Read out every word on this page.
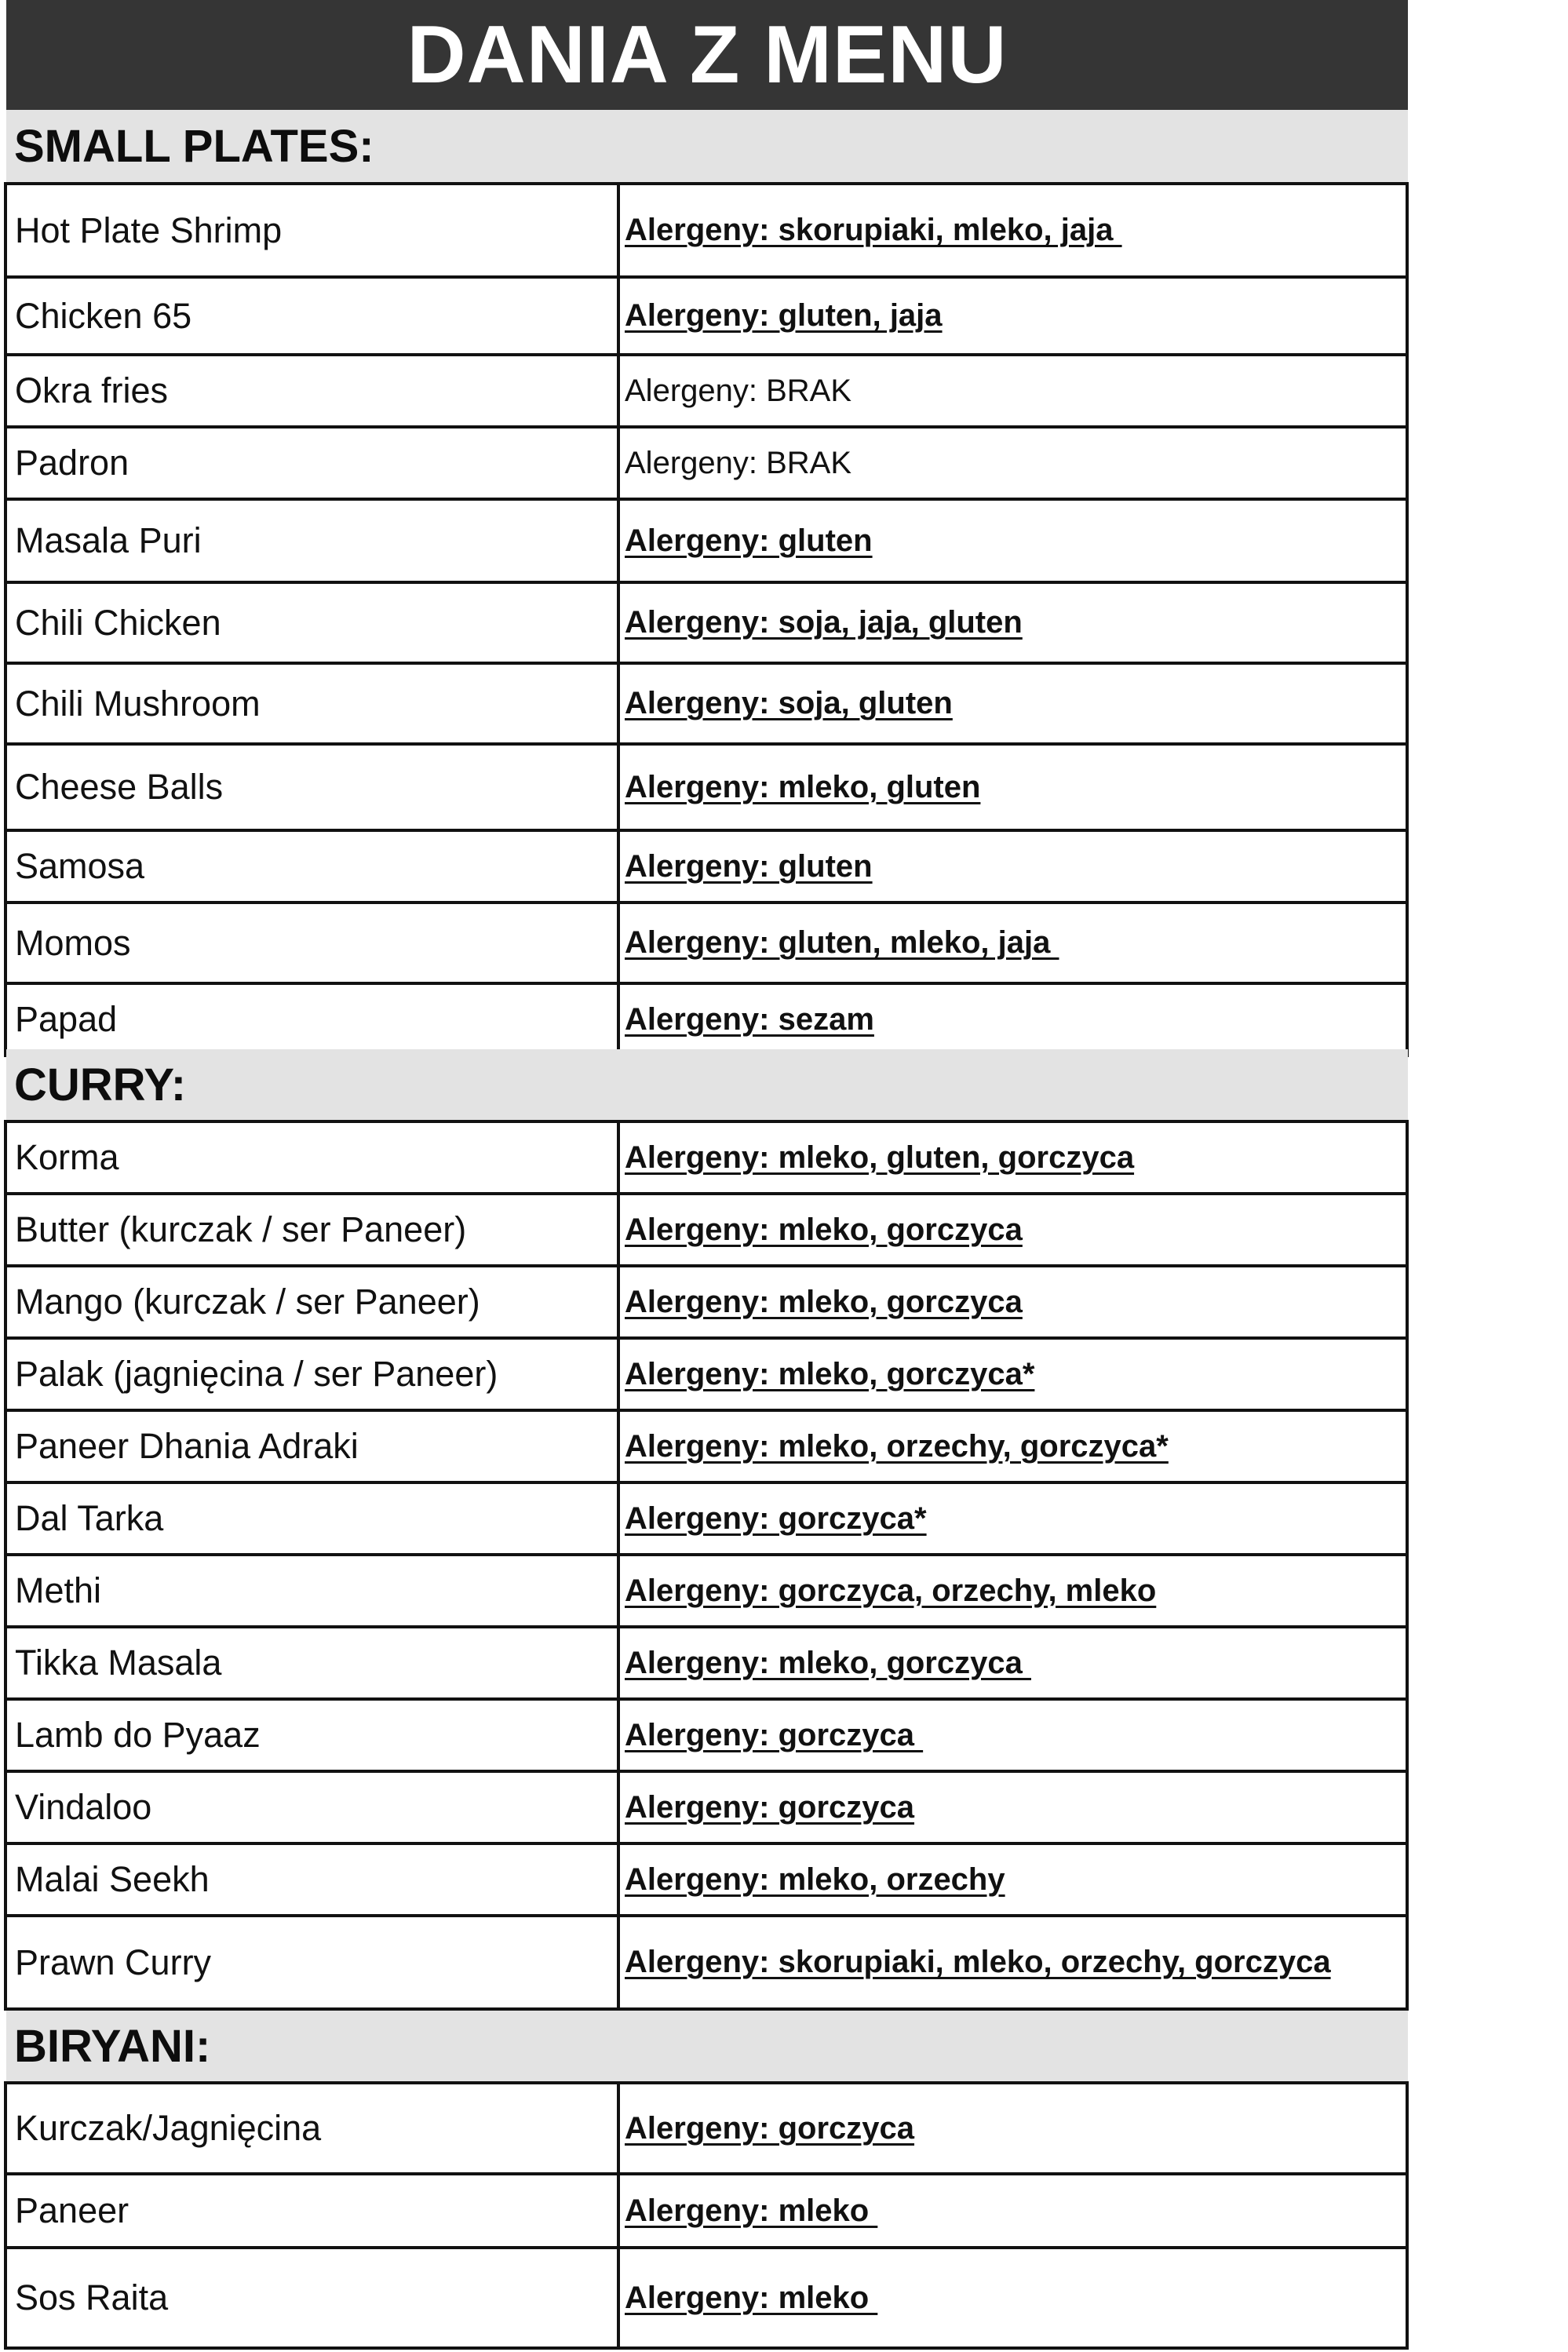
DANIA Z MENU
SMALL PLATES:
Hot Plate Shrimp	Alergeny: skorupiaki, mleko, jaja
Chicken 65	Alergeny: gluten, jaja
Okra fries	Alergeny: BRAK
Padron	Alergeny: BRAK
Masala Puri	Alergeny: gluten
Chili Chicken	Alergeny: soja, jaja, gluten
Chili Mushroom	Alergeny: soja, gluten
Cheese Balls	Alergeny: mleko, gluten
Samosa	Alergeny: gluten
Momos	Alergeny: gluten, mleko, jaja
Papad	Alergeny: sezam
CURRY:
Korma	Alergeny: mleko, gluten, gorczyca
Butter (kurczak / ser Paneer)	Alergeny: mleko, gorczyca
Mango (kurczak / ser Paneer)	Alergeny: mleko, gorczyca
Palak (jagnięcina / ser Paneer)	Alergeny: mleko, gorczyca*
Paneer Dhania Adraki	Alergeny: mleko, orzechy, gorczyca*
Dal Tarka	Alergeny: gorczyca*
Methi	Alergeny: gorczyca, orzechy, mleko
Tikka Masala	Alergeny: mleko, gorczyca
Lamb do Pyaaz	Alergeny: gorczyca
Vindaloo	Alergeny: gorczyca
Malai Seekh	Alergeny: mleko, orzechy
Prawn Curry	Alergeny: skorupiaki, mleko, orzechy, gorczyca
BIRYANI:
Kurczak/Jagnięcina	Alergeny: gorczyca
Paneer	Alergeny: mleko
Sos Raita	Alergeny: mleko
